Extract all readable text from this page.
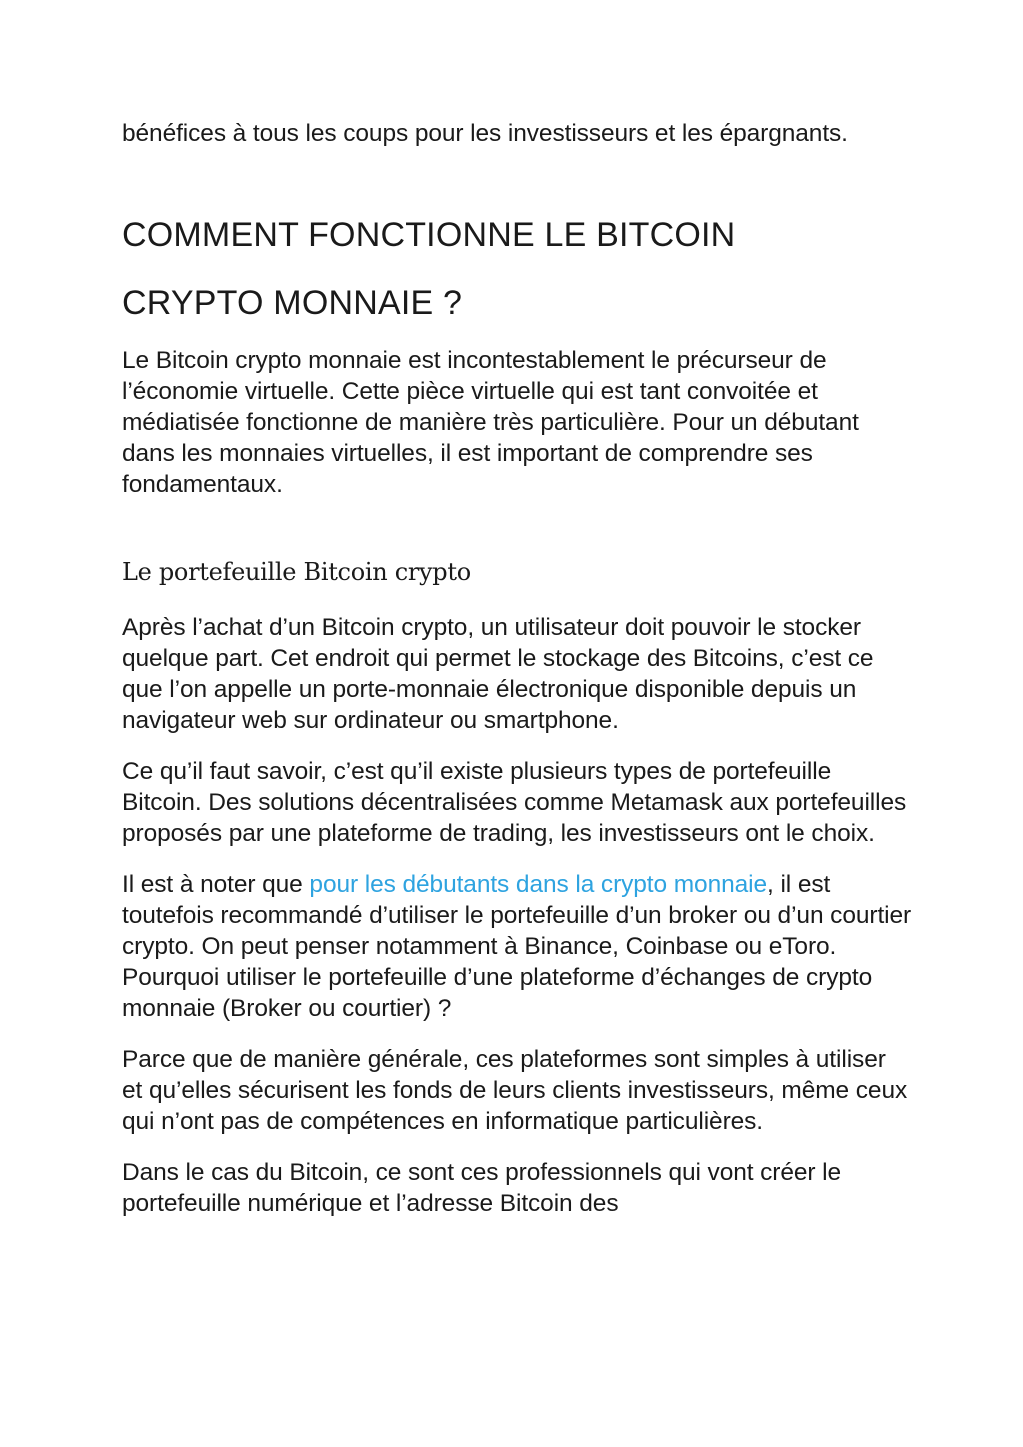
bénéfices à tous les coups pour les investisseurs et les épargnants.

COMMENT FONCTIONNE LE BITCOIN
CRYPTO MONNAIE ?

Le Bitcoin crypto monnaie est incontestablement le précurseur de l’économie virtuelle. Cette pièce virtuelle qui est tant convoitée et médiatisée fonctionne de manière très particulière. Pour un débutant dans les monnaies virtuelles, il est important de comprendre ses fondamentaux.

Le portefeuille Bitcoin crypto

Après l’achat d’un Bitcoin crypto, un utilisateur doit pouvoir le stocker quelque part. Cet endroit qui permet le stockage des Bitcoins, c’est ce que l’on appelle un porte-monnaie électronique disponible depuis un navigateur web sur ordinateur ou smartphone.

Ce qu’il faut savoir, c’est qu’il existe plusieurs types de portefeuille Bitcoin. Des solutions décentralisées comme Metamask aux portefeuilles proposés par une plateforme de trading, les investisseurs ont le choix.

Il est à noter que pour les débutants dans la crypto monnaie, il est toutefois recommandé d’utiliser le portefeuille d’un broker ou d’un courtier crypto. On peut penser notamment à Binance, Coinbase ou eToro. Pourquoi utiliser le portefeuille d’une plateforme d’échanges de crypto monnaie (Broker ou courtier) ?

Parce que de manière générale, ces plateformes sont simples à utiliser et qu’elles sécurisent les fonds de leurs clients investisseurs, même ceux qui n’ont pas de compétences en informatique particulières.

Dans le cas du Bitcoin, ce sont ces professionnels qui vont créer le portefeuille numérique et l’adresse Bitcoin des
